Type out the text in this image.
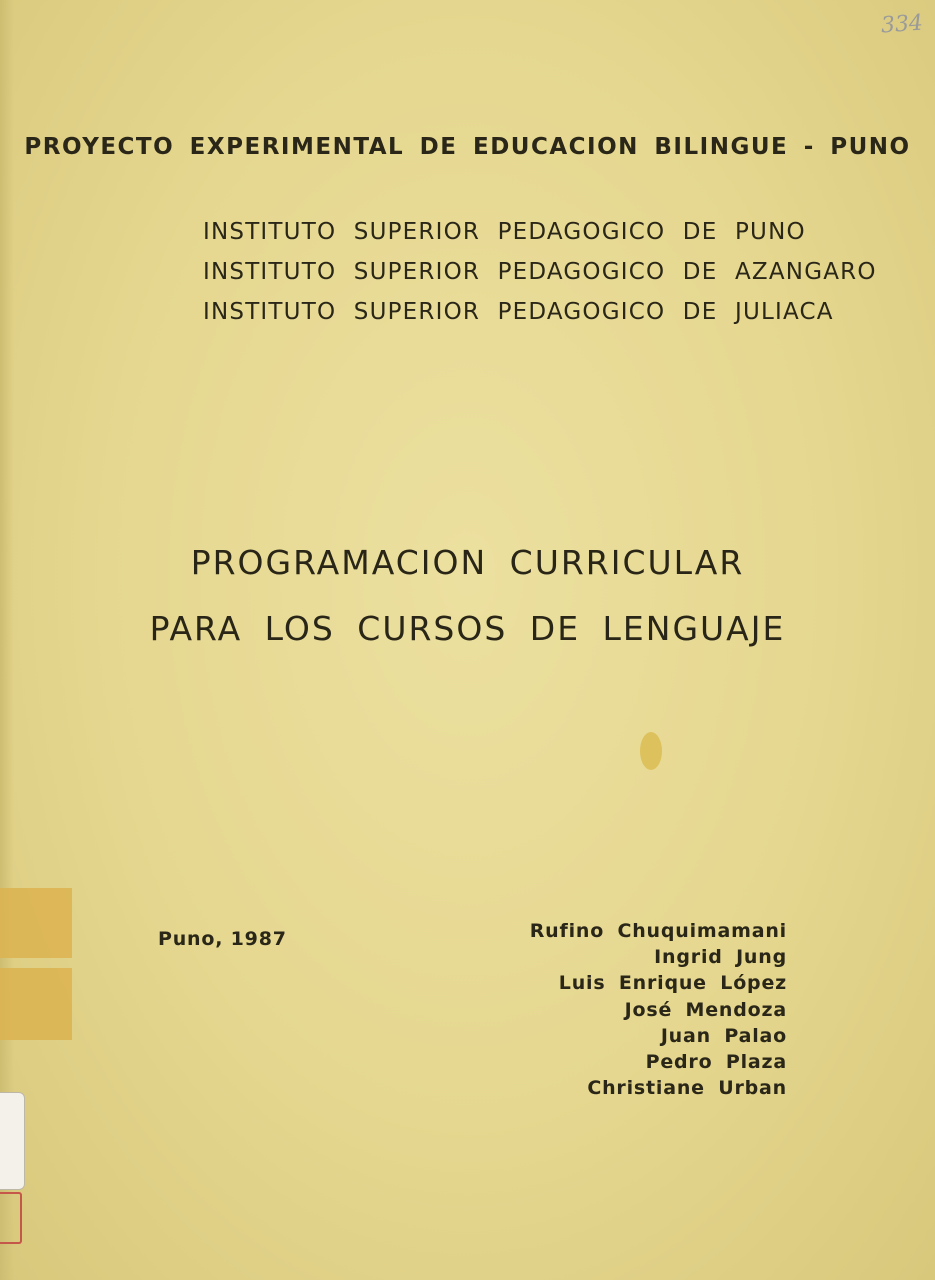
334
PROYECTO EXPERIMENTAL DE EDUCACION BILINGUE - PUNO
INSTITUTO SUPERIOR PEDAGOGICO DE PUNO
INSTITUTO SUPERIOR PEDAGOGICO DE AZANGARO
INSTITUTO SUPERIOR PEDAGOGICO DE JULIACA
PROGRAMACION CURRICULAR
PARA LOS CURSOS DE LENGUAJE
Puno, 1987	Rufino Chuquimamani
Ingrid Jung
Luis Enrique López
José Mendoza
Juan Palao
Pedro Plaza
Christiane Urban
